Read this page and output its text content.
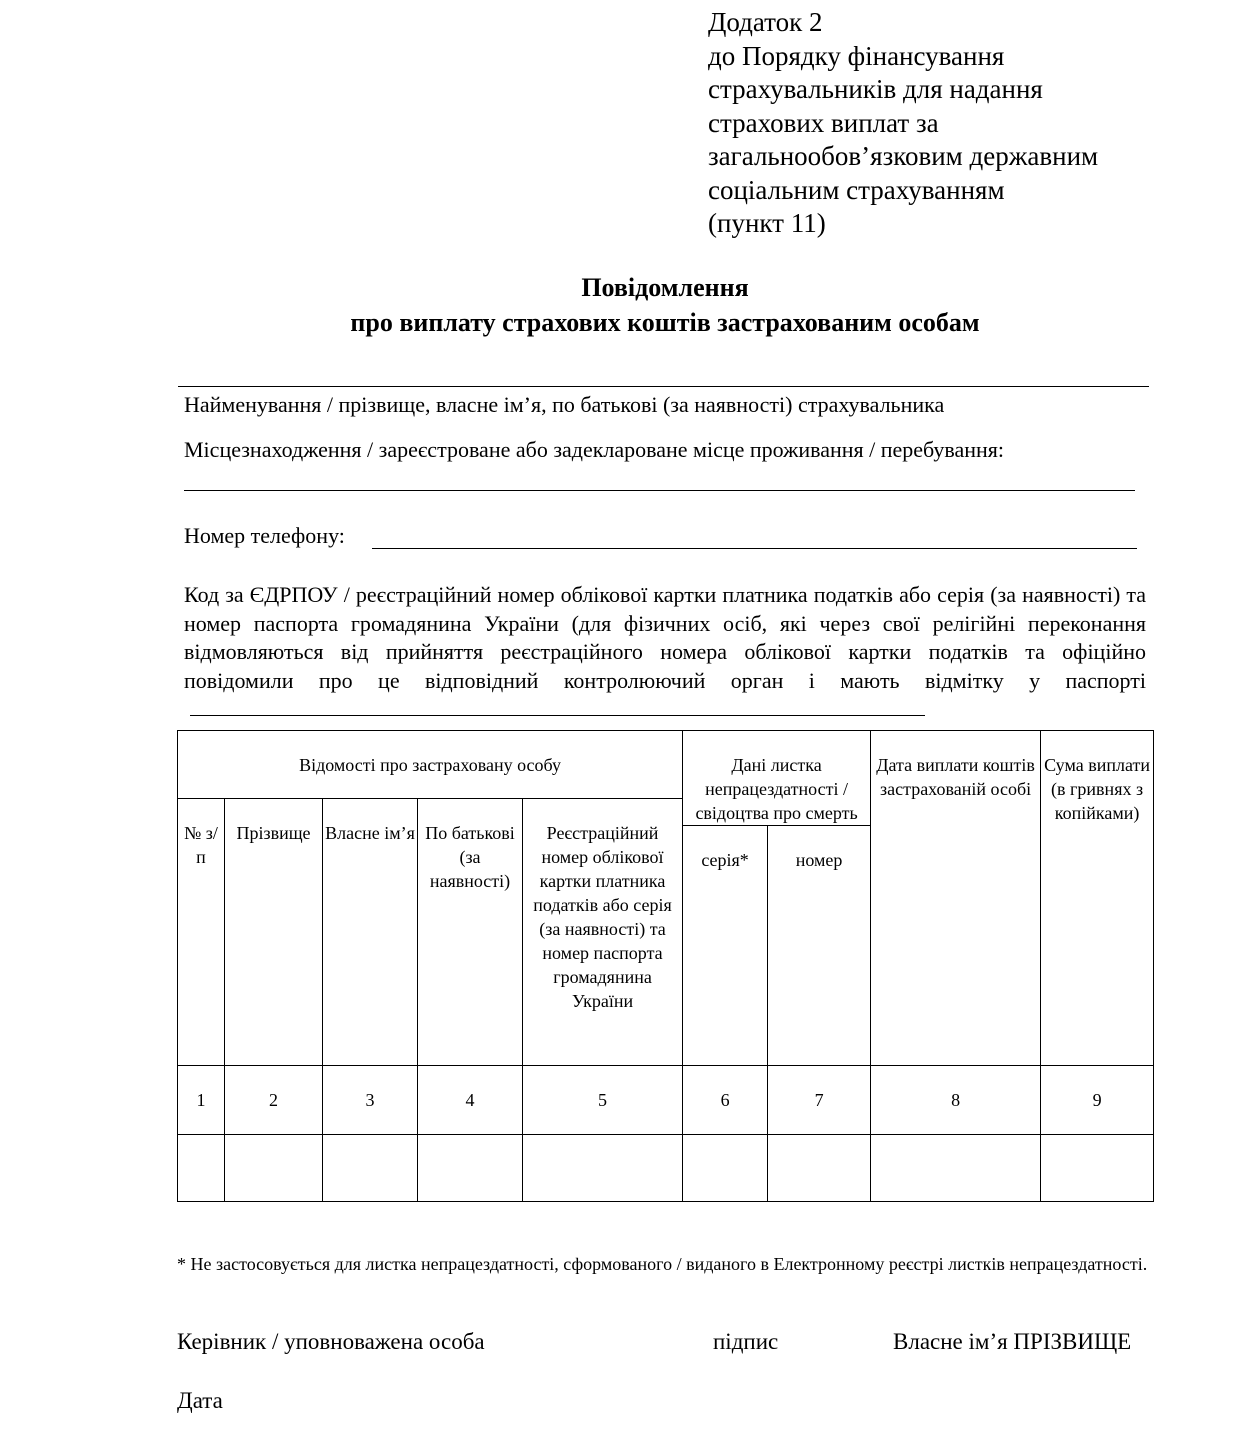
Додаток 2
до Порядку фінансування
страхувальників для надання
страхових виплат за
загальнообов’язковим державним
соціальним страхуванням
(пункт 11)
Повідомлення
про виплату страхових коштів застрахованим особам
Найменування / прізвище, власне ім’я, по батькові (за наявності) страхувальника
Місцезнаходження / зареєстроване або задеклароване місце проживання / перебування:
Номер телефону:
Код за ЄДРПОУ / реєстраційний номер облікової картки платника податків або серія (за наявності) та номер паспорта громадянина України (для фізичних осіб, які через свої релігійні переконання відмовляються від прийняття реєстраційного номера облікової картки податків та офіційно повідомили про це відповідний контролюючий орган і мають відмітку у паспорті
Відомості про застраховану особу					Дані листка непрацездатності / свідоцтва про смерть		Дата виплати коштів застрахованій особі	Сума виплати (в гривнях з копійками)
№ з/п	Прізвище	Власне ім’я	По батькові (за наявності)	Реєстраційний номер облікової картки платника податків або серія (за наявності) та номер паспорта громадянина України				
					серія*	номер		
1	2	3	4	5	6	7	8	9

* Не застосовується для листка непрацездатності, сформованого / виданого в Електронному реєстрі листків непрацездатності.
Керівник / уповноважена особа	підпис	Власне ім’я ПРІЗВИЩЕ
Дата
